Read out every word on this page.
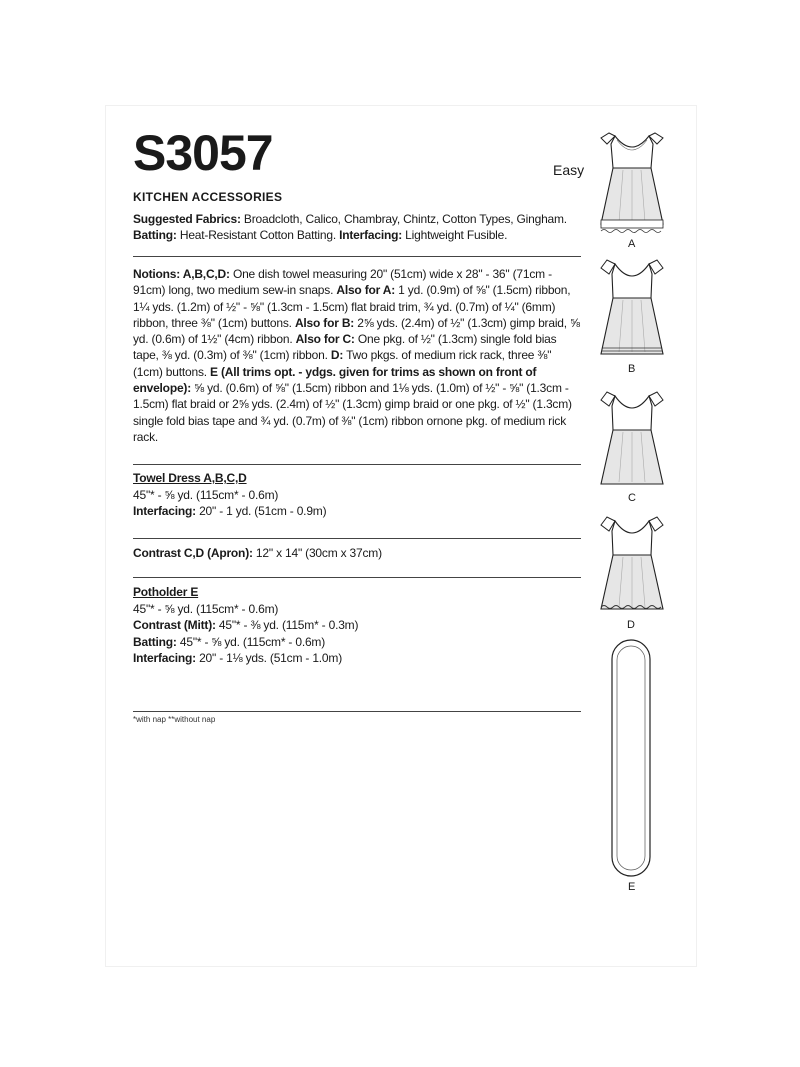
S3057	Easy
KITCHEN ACCESSORIES
Suggested Fabrics: Broadcloth, Calico, Chambray, Chintz, Cotton Types, Gingham.
Batting: Heat-Resistant Cotton Batting. Interfacing: Lightweight Fusible.
Notions: A,B,C,D: One dish towel measuring 20" (51cm) wide x 28" - 36" (71cm - 91cm) long, two medium sew-in snaps. Also for A: 1 yd. (0.9m) of ⅝" (1.5cm) ribbon, 1¼ yds. (1.2m) of ½" - ⅝" (1.3cm - 1.5cm) flat braid trim, ¾ yd. (0.7m) of ¼" (6mm) ribbon, three ⅜" (1cm) buttons. Also for B: 2⅝ yds. (2.4m) of ½" (1.3cm) gimp braid, ⅝ yd. (0.6m) of 1½" (4cm) ribbon. Also for C: One pkg. of ½" (1.3cm) single fold bias tape, ⅜ yd. (0.3m) of ⅜" (1cm) ribbon. D: Two pkgs. of medium rick rack, three ⅜" (1cm) buttons. E (All trims opt. - ydgs. given for trims as shown on front of envelope): ⅝ yd. (0.6m) of ⅝" (1.5cm) ribbon and 1⅛ yds. (1.0m) of ½" - ⅝" (1.3cm - 1.5cm) flat braid or 2⅝ yds. (2.4m) of ½" (1.3cm) gimp braid or one pkg. of ½" (1.3cm) single fold bias tape and ¾ yd. (0.7m) of ⅜" (1cm) ribbon ornone pkg. of medium rick rack.
Towel Dress A,B,C,D
45"* - ⅝ yd. (115cm* - 0.6m)
Interfacing: 20" - 1 yd. (51cm - 0.9m)
Contrast C,D (Apron): 12" x 14" (30cm x 37cm)
Potholder E
45"* - ⅝ yd. (115cm* - 0.6m)
Contrast (Mitt): 45"* - ⅜ yd. (115m* - 0.3m)
Batting: 45"* - ⅝ yd. (115cm* - 0.6m)
Interfacing: 20" - 1⅛ yds. (51cm - 1.0m)
*with nap **without nap
A
B
C
D
E
